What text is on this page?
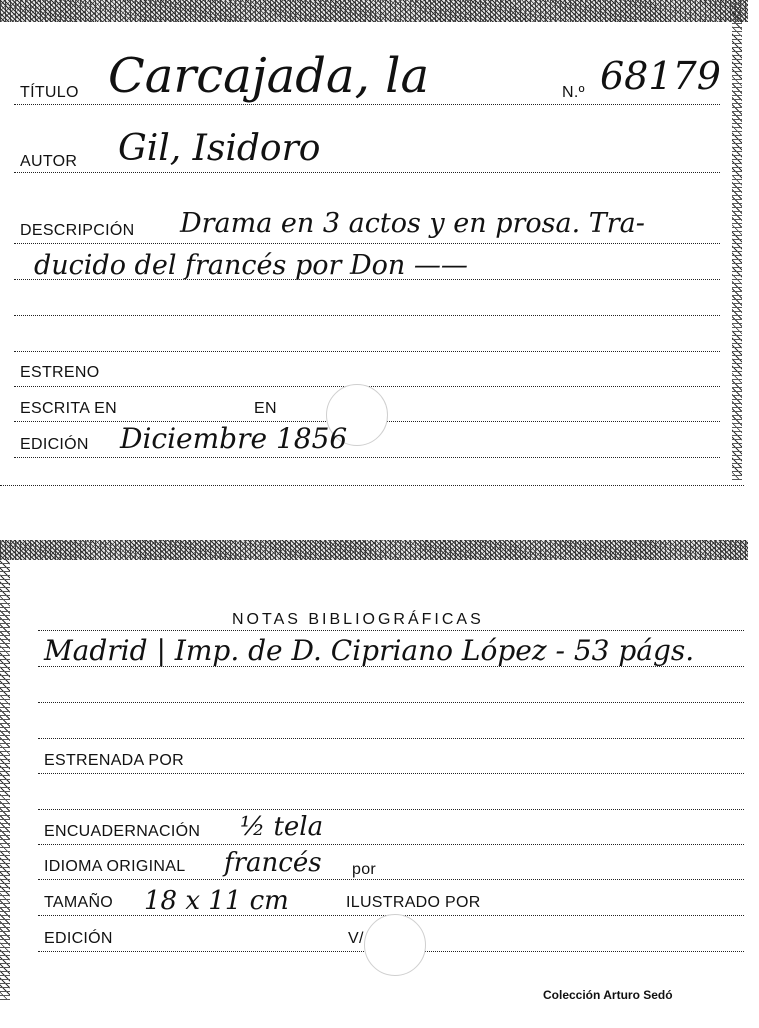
TÍTULO Carcajada, la	N.º 68179
AUTOR Gil, Isidoro
DESCRIPCIÓN Drama en 3 actos y en prosa. Tra-
ducido del francés por Don ——
ESTRENO
ESCRITA EN	EN
EDICIÓN Diciembre 1856
NOTAS BIBLIOGRÁFICAS
Madrid | Imp. de D. Cipriano López - 53 págs.
ESTRENADA POR
ENCUADERNACIÓN ½ tela
IDIOMA ORIGINAL francés por
TAMAÑO 18 x 11 cm	ILUSTRADO POR
EDICIÓN	V/
Colección Arturo Sedó
